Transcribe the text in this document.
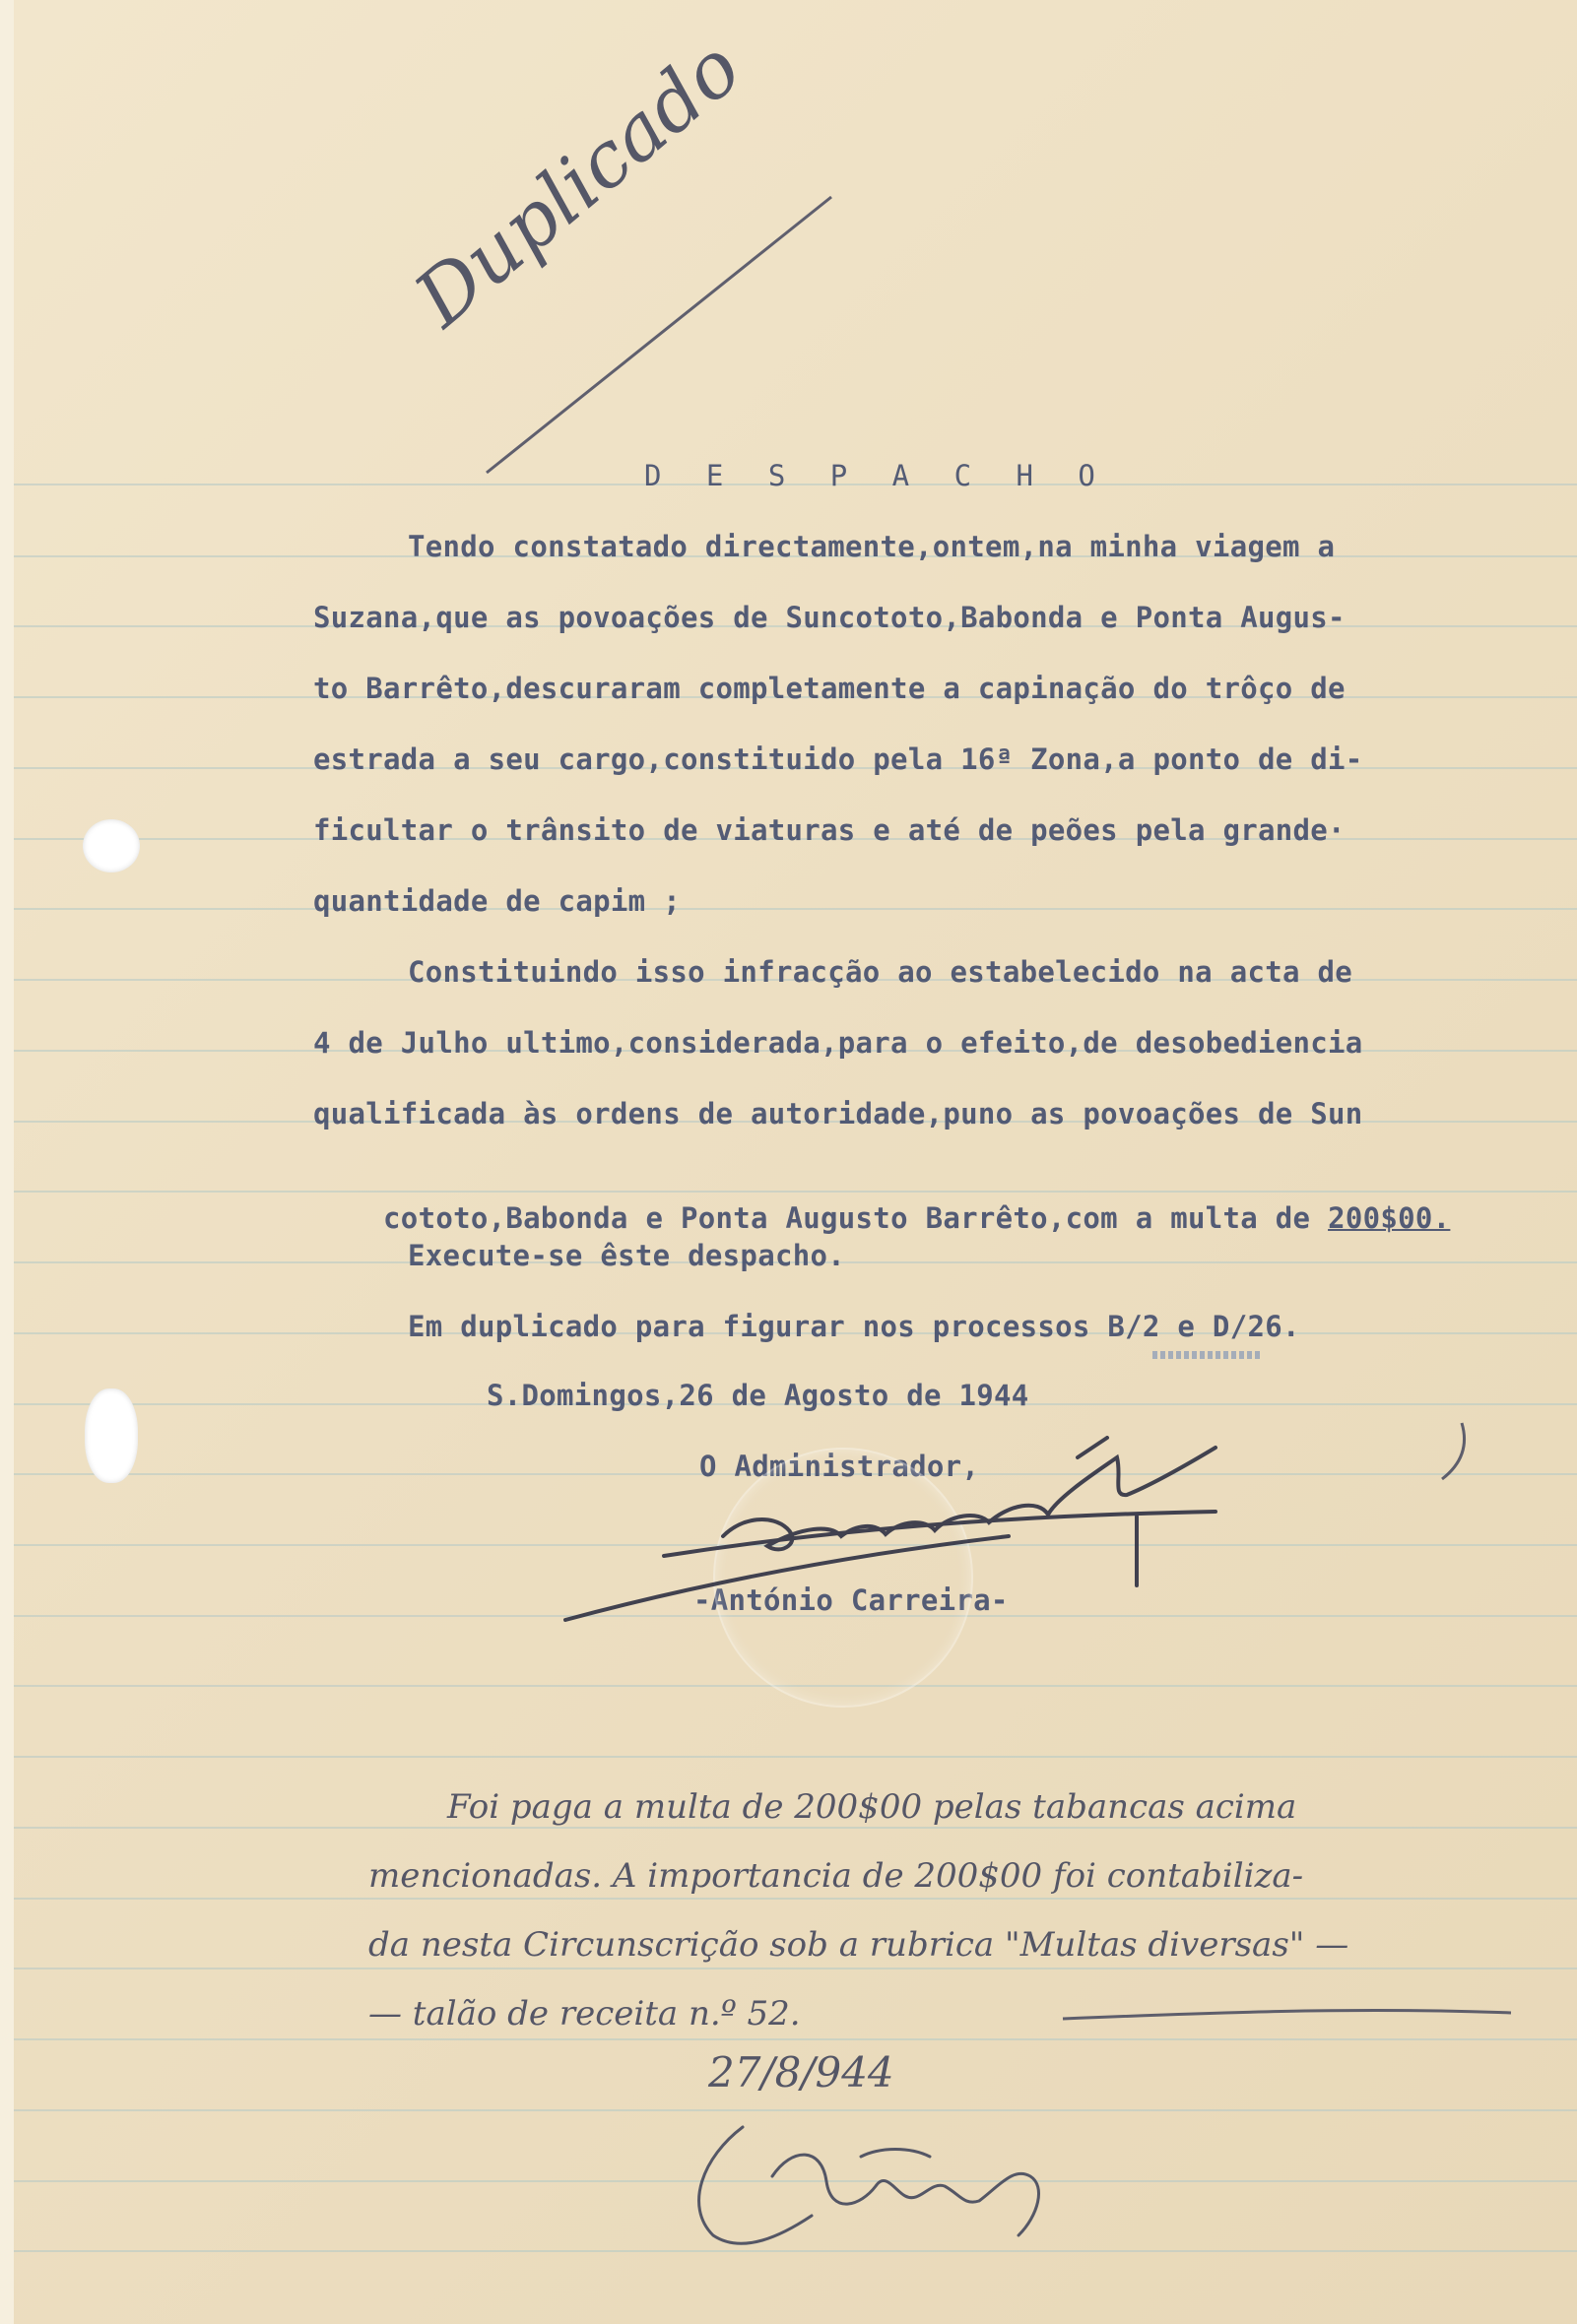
Duplicado
D E S P A C H O
Tendo constatado directamente,ontem,na minha viagem a
Suzana,que as povoações de Suncototo,Babonda e Ponta Augus-
to Barrêto,descuraram completamente a capinação do trôço de
estrada a seu cargo,constituido pela 16ª Zona,a ponto de di-
ficultar o trânsito de viaturas e até de peões pela grande·
quantidade de capim ;
Constituindo isso infracção ao estabelecido na acta de
4 de Julho ultimo,considerada,para o efeito,de desobediencia
qualificada às ordens de autoridade,puno as povoações de Sun

cototo,Babonda e Ponta Augusto Barrêto,com a multa de 200$00.

Execute-se êste despacho.
Em duplicado para figurar nos processos B/2 e D/26.
S.Domingos,26 de Agosto de 1944
O Administrador,
-António Carreira-
Foi paga a multa de 200$00 pelas tabancas acima
mencionadas. A importancia de 200$00 foi contabiliza-
da nesta Circunscrição sob a rubrica "Multas diversas" —
— talão de receita n.º 52.
27/8/944
